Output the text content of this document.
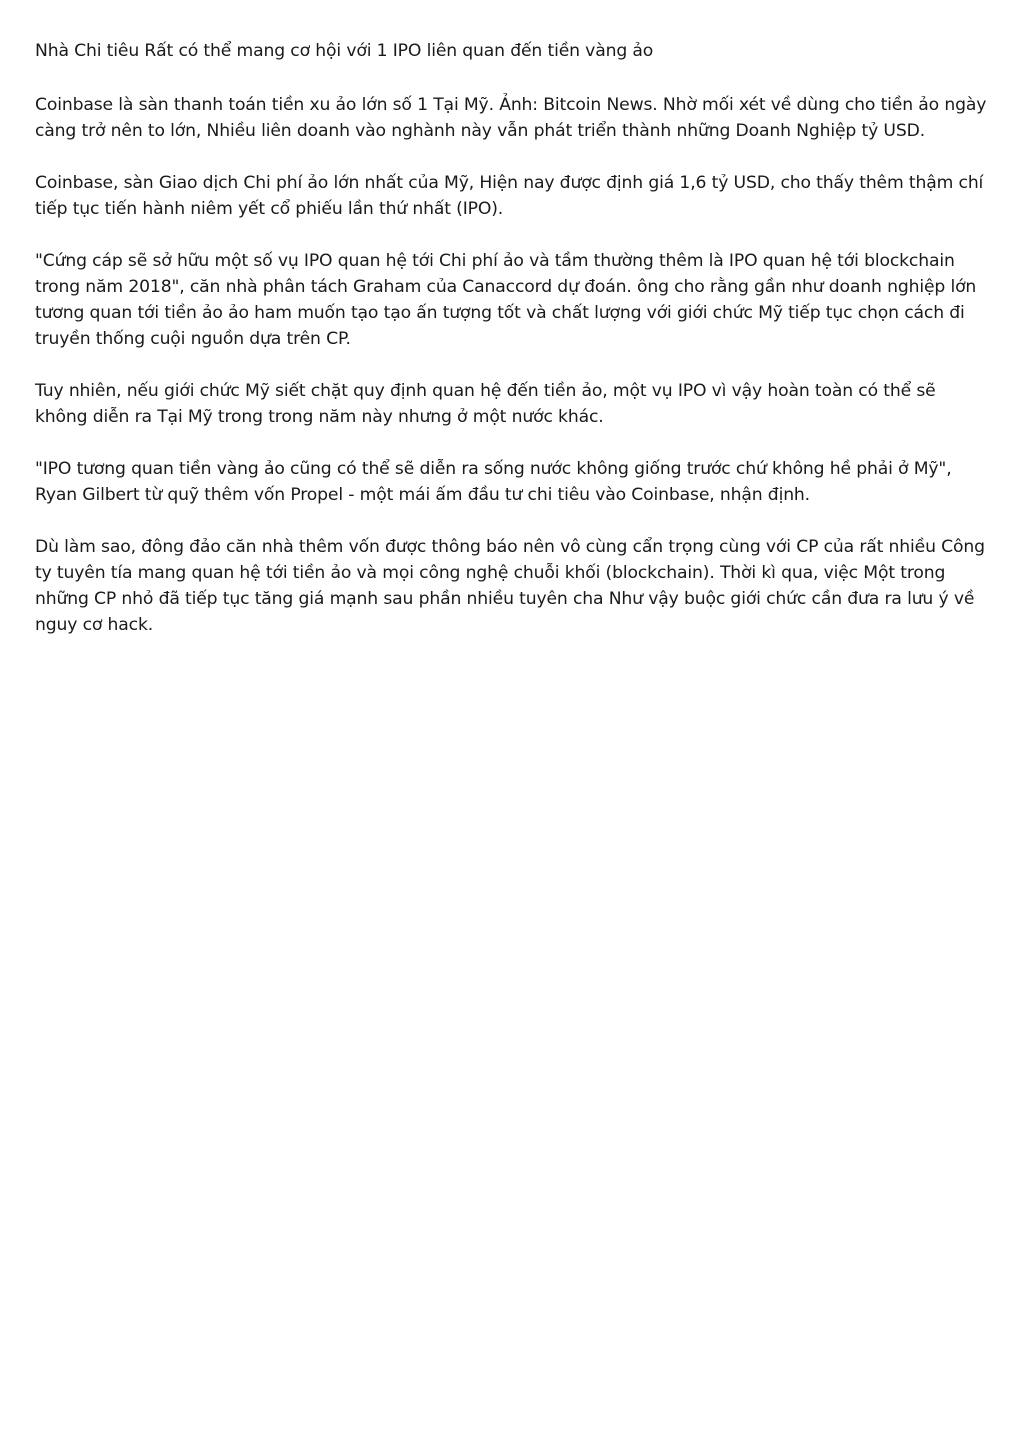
Nhà Chi tiêu Rất có thể mang cơ hội với 1 IPO liên quan đến tiền vàng ảo

Coinbase là sàn thanh toán tiền xu ảo lớn số 1 Tại Mỹ. Ảnh: Bitcoin News. Nhờ mối xét về dùng cho tiền ảo ngày càng trở nên to lớn, Nhiều liên doanh vào nghành này vẫn phát triển thành những Doanh Nghiệp tỷ USD.

Coinbase, sàn Giao dịch Chi phí ảo lớn nhất của Mỹ, Hiện nay được định giá 1,6 tỷ USD, cho thấy thêm thậm chí tiếp tục tiến hành niêm yết cổ phiếu lần thứ nhất (IPO).

"Cứng cáp sẽ sở hữu một số vụ IPO quan hệ tới Chi phí ảo và tầm thường thêm là IPO quan hệ tới blockchain trong năm 2018", căn nhà phân tách Graham của Canaccord dự đoán. ông cho rằng gần như doanh nghiệp lớn tương quan tới tiền ảo ảo ham muốn tạo tạo ấn tượng tốt và chất lượng với giới chức Mỹ tiếp tục chọn cách đi truyền thống cuội nguồn dựa trên CP.

Tuy nhiên, nếu giới chức Mỹ siết chặt quy định quan hệ đến tiền ảo, một vụ IPO vì vậy hoàn toàn có thể sẽ không diễn ra Tại Mỹ trong trong năm này nhưng ở một nước khác.

"IPO tương quan tiền vàng ảo cũng có thể sẽ diễn ra sống nước không giống trước chứ không hề phải ở Mỹ", Ryan Gilbert từ quỹ thêm vốn Propel - một mái ấm đầu tư chi tiêu vào Coinbase, nhận định.

Dù làm sao, đông đảo căn nhà thêm vốn được thông báo nên vô cùng cẩn trọng cùng với CP của rất nhiều Công ty tuyên tía mang quan hệ tới tiền ảo và mọi công nghệ chuỗi khối (blockchain). Thời kì qua, việc Một trong những CP nhỏ đã tiếp tục tăng giá mạnh sau phần nhiều tuyên cha Như vậy buộc giới chức cần đưa ra lưu ý về nguy cơ hack.
